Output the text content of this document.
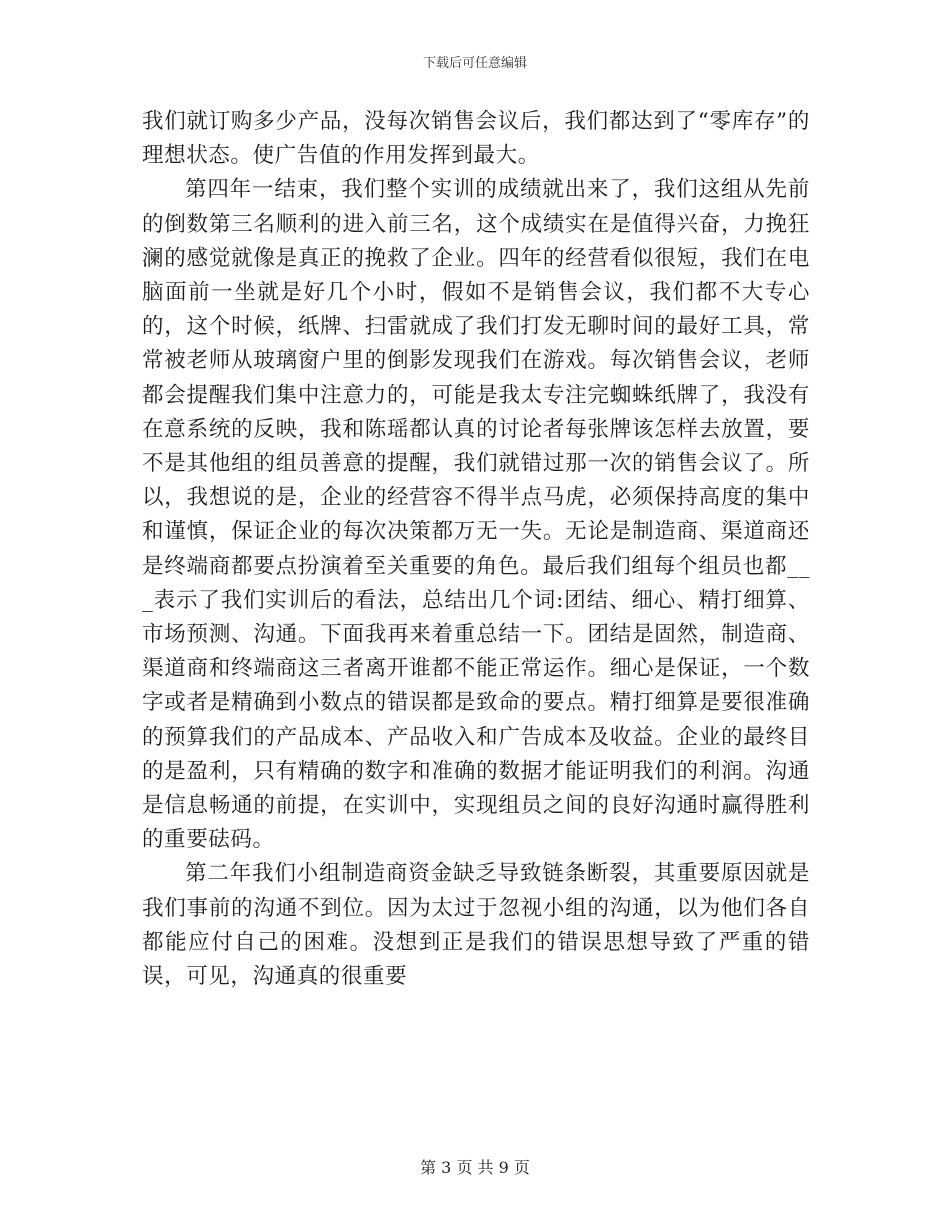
下载后可任意编辑

我们就订购多少产品，没每次销售会议后，我们都达到了“零库存”的理想状态。使广告值的作用发挥到最大。

第四年一结束，我们整个实训的成绩就出来了，我们这组从先前的倒数第三名顺利的进入前三名，这个成绩实在是值得兴奋，力挽狂澜的感觉就像是真正的挽救了企业。四年的经营看似很短，我们在电脑面前一坐就是好几个小时，假如不是销售会议，我们都不大专心的，这个时候，纸牌、扫雷就成了我们打发无聊时间的最好工具，常常被老师从玻璃窗户里的倒影发现我们在游戏。每次销售会议，老师都会提醒我们集中注意力的，可能是我太专注完蜘蛛纸牌了，我没有在意系统的反映，我和陈瑶都认真的讨论者每张牌该怎样去放置，要不是其他组的组员善意的提醒，我们就错过那一次的销售会议了。所以，我想说的是，企业的经营容不得半点马虎，必须保持高度的集中和谨慎，保证企业的每次决策都万无一失。无论是制造商、渠道商还是终端商都要点扮演着至关重要的角色。最后我们组每个组员也都___表示了我们实训后的看法，总结出几个词:团结、细心、精打细算、市场预测、沟通。下面我再来着重总结一下。团结是固然，制造商、渠道商和终端商这三者离开谁都不能正常运作。细心是保证，一个数字或者是精确到小数点的错误都是致命的要点。精打细算是要很准确的预算我们的产品成本、产品收入和广告成本及收益。企业的最终目的是盈利，只有精确的数字和准确的数据才能证明我们的利润。沟通是信息畅通的前提，在实训中，实现组员之间的良好沟通时赢得胜利的重要砝码。

第二年我们小组制造商资金缺乏导致链条断裂，其重要原因就是我们事前的沟通不到位。因为太过于忽视小组的沟通，以为他们各自都能应付自己的困难。没想到正是我们的错误思想导致了严重的错误，可见，沟通真的很重要

第 3 页 共 9 页
